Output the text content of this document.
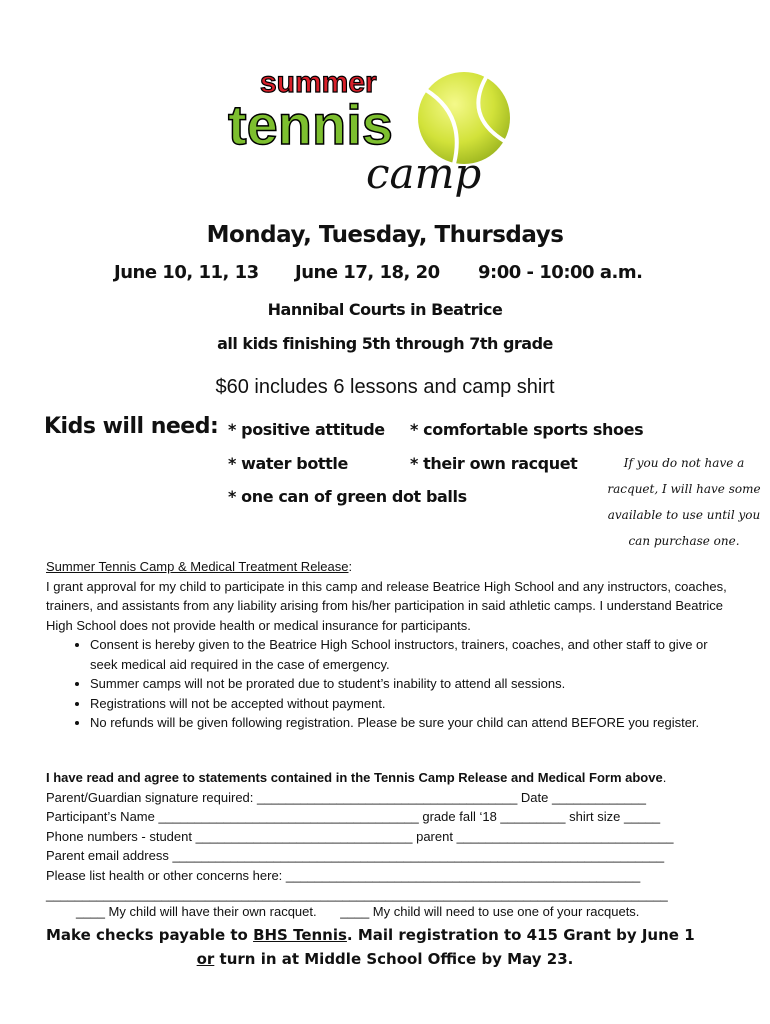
summer
tennis
camp
Monday, Tuesday, Thursdays
June 10, 11, 13 June 17, 18, 20 9:00 - 10:00 a.m.
Hannibal Courts in Beatrice
all kids finishing 5th through 7th grade
$60 includes 6 lessons and camp shirt
Kids will need: * positive attitude * comfortable sports shoes
* water bottle	* their own racquet
* one can of green dot balls
If you do not have a racquet, I will have some available to use until you can purchase one.
Summer Tennis Camp & Medical Treatment Release:
I grant approval for my child to participate in this camp and release Beatrice High School and any instructors, coaches, trainers, and assistants from any liability arising from his/her participation in said athletic camps. I understand Beatrice High School does not provide health or medical insurance for participants.
• Consent is hereby given to the Beatrice High School instructors, trainers, coaches, and other staff to give or seek medical aid required in the case of emergency.
• Summer camps will not be prorated due to student’s inability to attend all sessions.
• Registrations will not be accepted without payment.
• No refunds will be given following registration. Please be sure your child can attend BEFORE you register.
I have read and agree to statements contained in the Tennis Camp Release and Medical Form above.
Parent/Guardian signature required: ____________________________________ Date _____________
Participant’s Name ____________________________________ grade fall ‘18 _________ shirt size _____
Phone numbers - student ______________________________ parent ______________________________
Parent email address ____________________________________________________________________
Please list health or other concerns here: _________________________________________________
______________________________________________________________________________________
____ My child will have their own racquet. ____ My child will need to use one of your racquets.
Make checks payable to BHS Tennis. Mail registration to 415 Grant by June 1
or turn in at Middle School Office by May 23.
